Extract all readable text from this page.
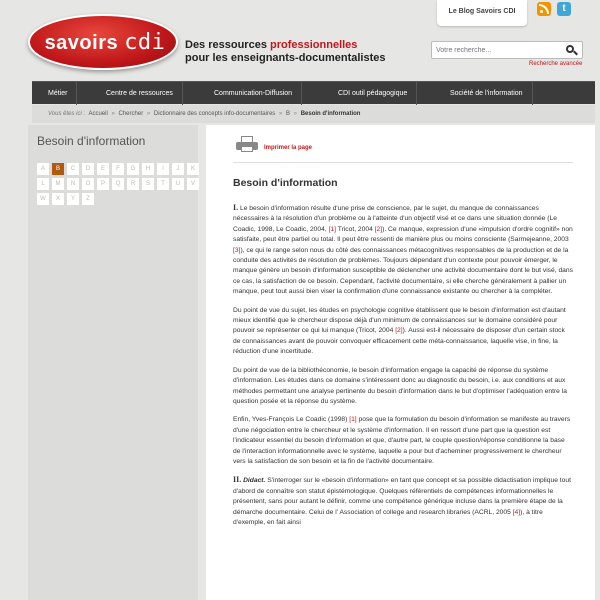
savoirs cdi	Des ressources professionnelles
pour les enseignants-documentalistes
Le Blog Savoirs CDI	t
Votre recherche...
Recherche avancée
Métier	Centre de ressources	Communication-Diffusion	CDI outil pédagogique	Société de l'information
Vous êtes ici : Accueil » Chercher » Dictionnaire des concepts info-documentaires » B » Besoin d'information
Besoin d'information
A	B	C	D	E	F	G	H	I	J	K
L	M	N	O	P	Q	R	S	T	U	V
W	X	Y	Z
Imprimer la page
Besoin d'information

I. Le besoin d'information résulte d'une prise de conscience, par le sujet, du manque de connaissances nécessaires à la résolution d'un problème ou à l'atteinte d'un objectif visé et ce dans une situation donnée (Le Coadic, 1998, Le Coadic, 2004, [1] Tricot, 2004 [2]). Ce manque, expression d'une «impulsion d'ordre cognitif» non satisfaite, peut être partiel ou total. Il peut être ressenti de manière plus ou moins consciente (Sarmejeanne, 2003 [3]), ce qui le range selon nous du côté des connaissances métacognitives responsables de la production et de la conduite des activités de résolution de problèmes. Toujours dépendant d'un contexte pour pouvoir émerger, le manque génère un besoin d'information susceptible de déclencher une activité documentaire dont le but visé, dans ce cas, la satisfaction de ce besoin. Cependant, l'activité documentaire, si elle cherche généralement à pallier un manque, peut tout aussi bien viser la confirmation d'une connaissance existante ou chercher à la compléter.

Du point de vue du sujet, les études en psychologie cognitive établissent que le besoin d'information est d'autant mieux identifié que le chercheur dispose déjà d'un minimum de connaissances sur le domaine considéré pour pouvoir se représenter ce qui lui manque (Tricot, 2004 [2]). Aussi est-il nécessaire de disposer d'un certain stock de connaissances avant de pouvoir convoquer efficacement cette méta-connaissance, laquelle vise, in fine, la réduction d'une incertitude.

Du point de vue de la bibliothéconomie, le besoin d'information engage la capacité de réponse du système d'information. Les études dans ce domaine s'intéressent donc au diagnostic du besoin, i.e. aux conditions et aux méthodes permettant une analyse pertinente du besoin d'information dans le but d'optimiser l'adéquation entre la question posée et la réponse du système.

Enfin, Yves-François Le Coadic (1998) [1] pose que la formulation du besoin d'information se manifeste au travers d'une négociation entre le chercheur et le système d'information. Il en ressort d'une part que la question est l'indicateur essentiel du besoin d'information et que, d'autre part, le couple question/réponse conditionne la base de l'interaction informationnelle avec le système, laquelle a pour but d'acheminer progressivement le chercheur vers la satisfaction de son besoin et la fin de l'activité documentaire.

II. Didact. S'interroger sur le «besoin d'information» en tant que concept et sa possible didactisation implique tout d'abord de connaître son statut épistémologique. Quelques référentiels de compétences informationnelles le présentent, sans pour autant le définir, comme une compétence générique incluse dans la première étape de la démarche documentaire. Celui de l' Association of college and research libraries (ACRL, 2005 [4]), à titre d'exemple, en fait ainsi
